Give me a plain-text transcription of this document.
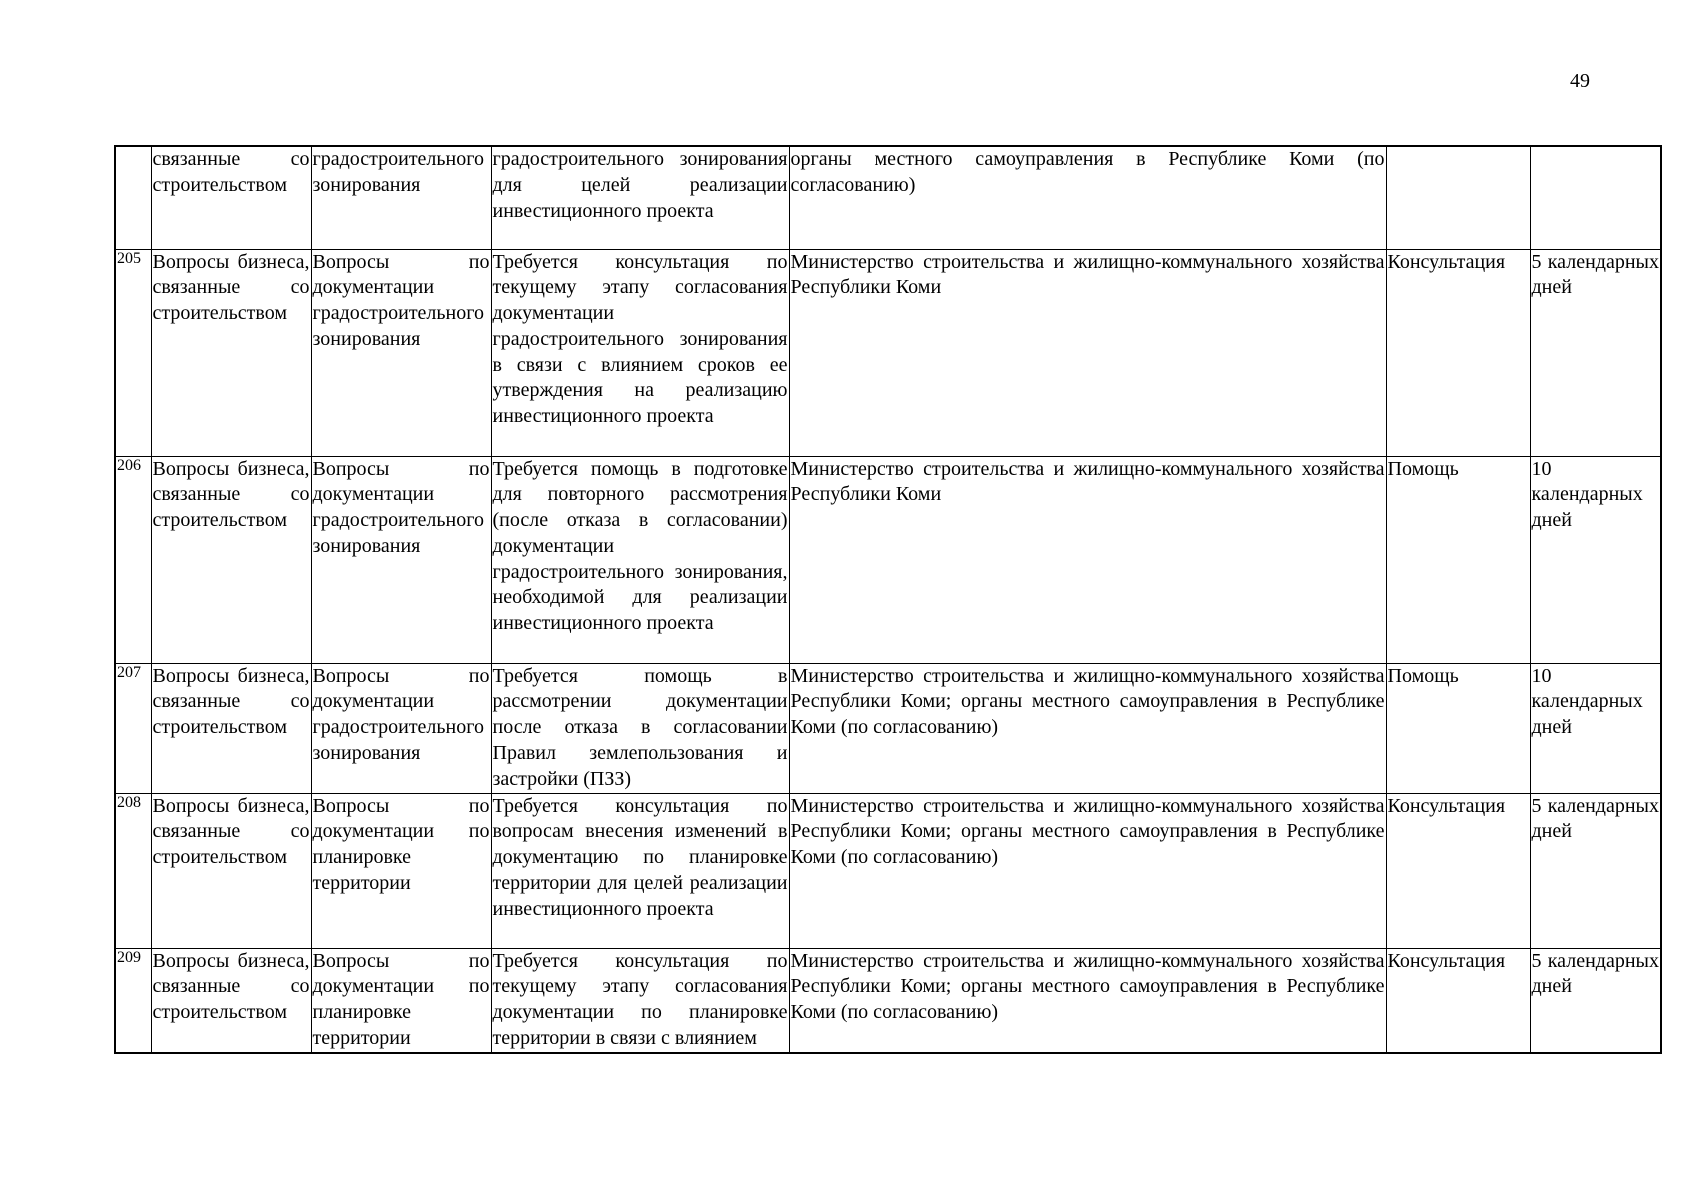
49
	связанные со строительством	градостроительного зонирования	градостроительного зонирования для целей реализации инвестиционного проекта	органы местного самоуправления в Республике Коми (по согласованию)		
205	Вопросы бизнеса, связанные со строительством	Вопросы по документации градостроительного зонирования	Требуется консультация по текущему этапу согласования документации градостроительного зонирования в связи с влиянием сроков ее утверждения на реализацию инвестиционного проекта	Министерство строительства и жилищно-коммунального хозяйства Республики Коми	Консультация	5 календарных дней
206	Вопросы бизнеса, связанные со строительством	Вопросы по документации градостроительного зонирования	Требуется помощь в подготовке для повторного рассмотрения (после отказа в согласовании) документации градостроительного зонирования, необходимой для реализации инвестиционного проекта	Министерство строительства и жилищно-коммунального хозяйства Республики Коми	Помощь	10 календарных дней
207	Вопросы бизнеса, связанные со строительством	Вопросы по документации градостроительного зонирования	Требуется помощь в рассмотрении документации после отказа в согласовании Правил землепользования и застройки (ПЗЗ)	Министерство строительства и жилищно-коммунального хозяйства Республики Коми; органы местного самоуправления в Республике Коми (по согласованию)	Помощь	10 календарных дней
208	Вопросы бизнеса, связанные со строительством	Вопросы по документации по планировке территории	Требуется консультация по вопросам внесения изменений в документацию по планировке территории для целей реализации инвестиционного проекта	Министерство строительства и жилищно-коммунального хозяйства Республики Коми; органы местного самоуправления в Республике Коми (по согласованию)	Консультация	5 календарных дней
209	Вопросы бизнеса, связанные со строительством	Вопросы по документации по планировке территории	Требуется консультация по текущему этапу согласования документации по планировке территории в связи с влиянием	Министерство строительства и жилищно-коммунального хозяйства Республики Коми; органы местного самоуправления в Республике Коми (по согласованию)	Консультация	5 календарных дней
